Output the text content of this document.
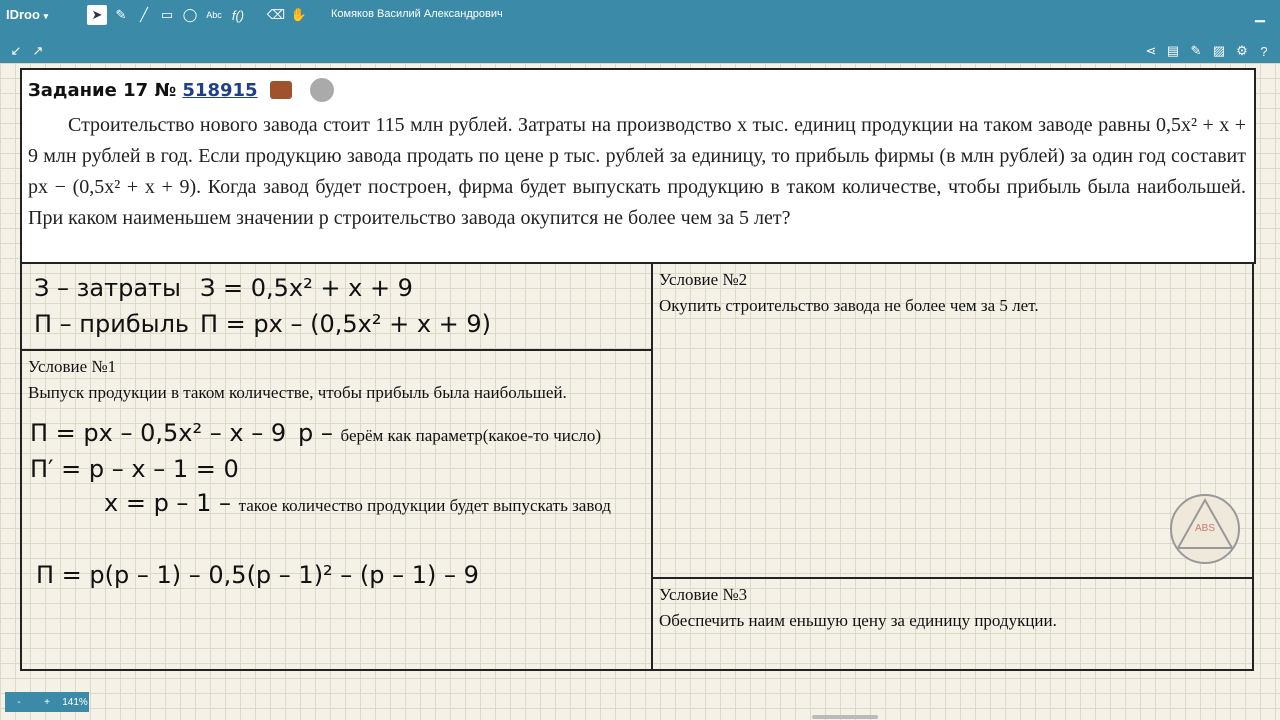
IDroo ▾	➤	✎	╱ ▭ ◯ Abc f() ⌫ ✋ Комяков Василий Александрович	▁
↙ ↗	⋖ ▤ ✎ ▨ ⚙ ?
Задание 17 № 518915
Строительство нового завода стоит 115 млн рублей. Затраты на производство x тыс. единиц продукции на таком заводе равны 0,5x² + x + 9 млн рублей в год. Если продукцию завода продать по цене p тыс. рублей за единицу, то прибыль фирмы (в млн рублей) за один год составит px − (0,5x² + x + 9). Когда завод будет построен, фирма будет выпускать продукцию в таком количестве, чтобы прибыль была наибольшей. При каком наименьшем значении p строительство завода окупится не более чем за 5 лет?
З – затраты З = 0,5x² + x + 9
П – прибыль П = px – (0,5x² + x + 9)
Условие №1
Выпуск продукции в таком количестве, чтобы прибыль была наибольшей.
П = px – 0,5x² – x – 9 p – берём как параметр(какое-то число)
П′ = p – x – 1 = 0
x = p – 1 – такое количество продукции будет выпускать завод
П = p(p – 1) – 0,5(p – 1)² – (p – 1) – 9
Условие №2
Окупить строительство завода не более чем за 5 лет.
Условие №3
Обеспечить наим еньшую цену за единицу продукции.
ABS
-	+	141%
